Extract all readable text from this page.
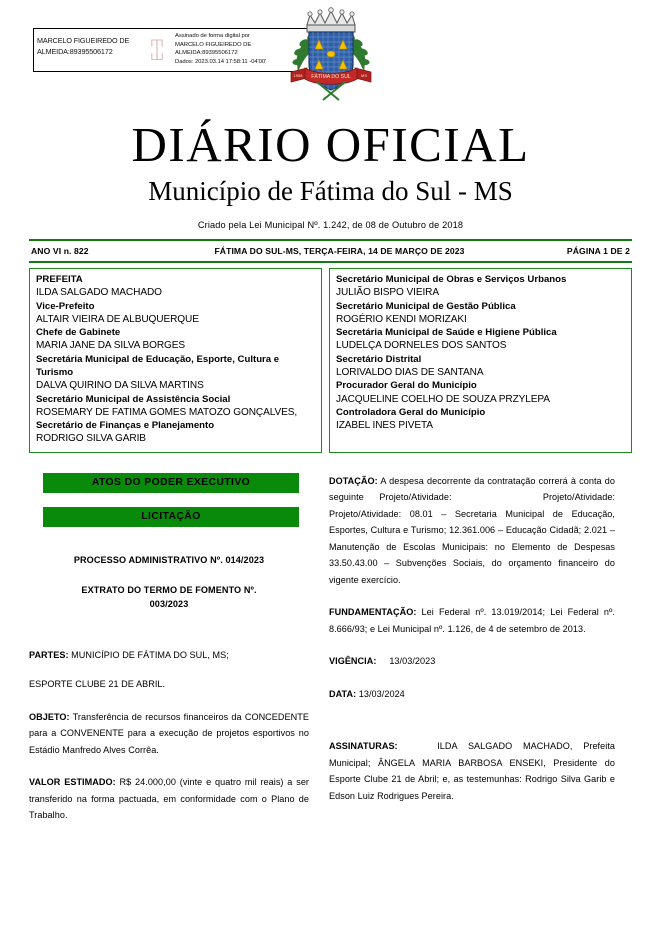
MARCELO FIGUEIREDO DE
ALMEIDA:89395506172	⑄	Assinado de forma digital por
MARCELO FIGUEIREDO DE
ALMEIDA:89395506172
Dados: 2023.03.14 17:58:11 -04'00'
FÁTIMA DO SUL
1958	MS
DIÁRIO OFICIAL
Município de Fátima do Sul - MS
Criado pela Lei Municipal Nº. 1.242, de 08 de Outubro de 2018
ANO VI n. 822	FÁTIMA DO SUL-MS, TERÇA-FEIRA, 14 DE MARÇO DE 2023	PÁGINA 1 DE 2
PREFEITA
ILDA SALGADO MACHADO
Vice-Prefeito
ALTAIR VIEIRA DE ALBUQUERQUE
Chefe de Gabinete
MARIA JANE DA SILVA BORGES
Secretária Municipal de Educação, Esporte, Cultura e Turismo
DALVA QUIRINO DA SILVA MARTINS
Secretário Municipal de Assistência Social
ROSEMARY DE FATIMA GOMES MATOZO GONÇALVES,
Secretário de Finanças e Planejamento
RODRIGO SILVA GARIB
Secretário Municipal de Obras e Serviços Urbanos
JULIÃO BISPO VIEIRA
Secretário Municipal de Gestão Pública
ROGÉRIO KENDI MORIZAKI
Secretária Municipal de Saúde e Higiene Pública
LUDELÇA DORNELES DOS SANTOS
Secretário Distrital
LORIVALDO DIAS DE SANTANA
Procurador Geral do Município
JACQUELINE COELHO DE SOUZA PRZYLEPA
Controladora Geral do Município
IZABEL INES PIVETA
ATOS DO PODER EXECUTIVO
LICITAÇÃO
PROCESSO ADMINISTRATIVO Nº. 014/2023
EXTRATO DO TERMO DE FOMENTO Nº.
003/2023
PARTES: MUNICÍPIO DE FÁTIMA DO SUL, MS;
ESPORTE CLUBE 21 DE ABRIL.
OBJETO: Transferência de recursos financeiros da CONCEDENTE para a CONVENENTE para a execução de projetos esportivos no Estádio Manfredo Alves Corrêa.
VALOR ESTIMADO: R$ 24.000,00 (vinte e quatro mil reais) a ser transferido na forma pactuada, em conformidade com o Plano de Trabalho.
DOTAÇÃO: A despesa decorrente da contratação correrá à conta do seguinte Projeto/Atividade:	Projeto/Atividade: Projeto/Atividade: 08.01 – Secretaria Municipal de Educação, Esportes, Cultura e Turismo; 12.361.006 – Educação Cidadã; 2.021 – Manutenção de Escolas Municipais: no Elemento de Despesas 33.50.43.00 – Subvenções Sociais, do orçamento financeiro do vigente exercício.
FUNDAMENTAÇÃO: Lei Federal nº. 13.019/2014; Lei Federal nº. 8.666/93; e Lei Municipal nº. 1.126, de 4 de setembro de 2013.
VIGÊNCIA: 13/03/2023
DATA: 13/03/2024
ASSINATURAS:	ILDA SALGADO MACHADO, Prefeita Municipal; ÂNGELA MARIA BARBOSA ENSEKI, Presidente do Esporte Clube 21 de Abril; e, as testemunhas: Rodrigo Silva Garib e Edson Luiz Rodrigues Pereira.
